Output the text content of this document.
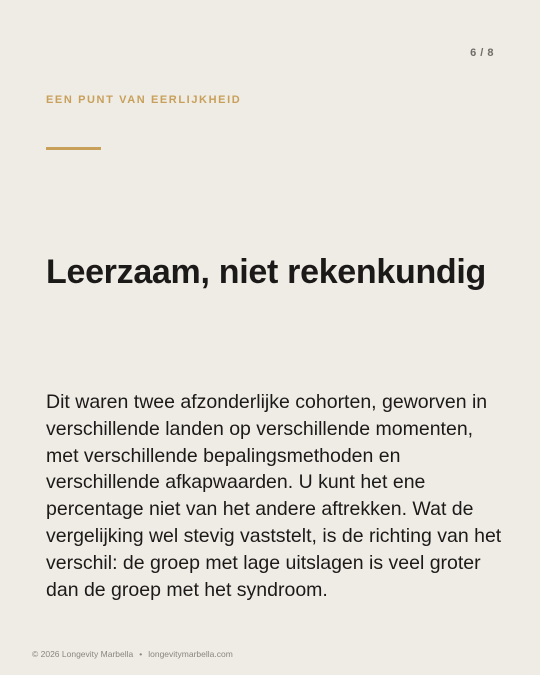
6 / 8
EEN PUNT VAN EERLIJKHEID
Leerzaam, niet rekenkundig

Dit waren twee afzonderlijke cohorten, geworven in verschillende landen op verschillende momenten, met verschillende bepalingsmethoden en verschillende afkapwaarden. U kunt het ene percentage niet van het andere aftrekken. Wat de vergelijking wel stevig vaststelt, is de richting van het verschil: de groep met lage uitslagen is veel groter dan de groep met het syndroom.

© 2026 Longevity Marbella • longevitymarbella.com
